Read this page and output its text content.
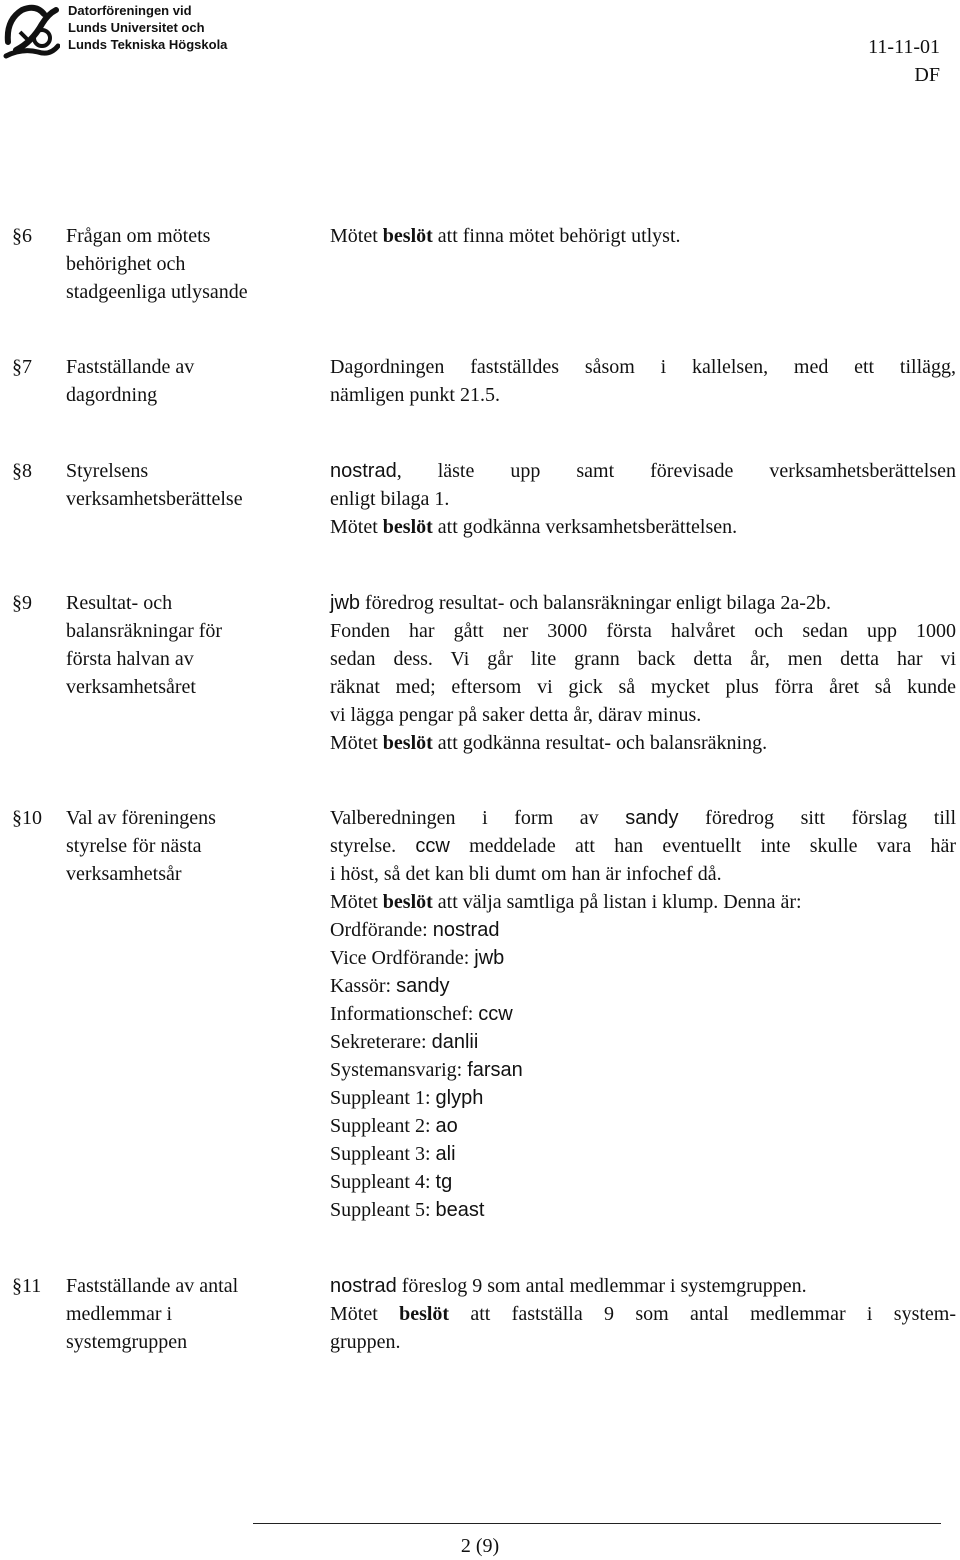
Datorföreningen vid
Lunds Universitet och
Lunds Tekniska Högskola	11-11-01
DF
§6 Frågan om mötets
behörighet och
stadgeenliga utlysande
Mötet beslöt att finna mötet behörigt utlyst.
§7 Fastställande av
dagordning
Dagordningen fastställdes såsom i kallelsen, med ett tillägg,
nämligen punkt 21.5.
§8 Styrelsens
verksamhetsberättelse
nostrad, läste upp samt förevisade verksamhetsberättelsen
enligt bilaga 1.
Mötet beslöt att godkänna verksamhetsberättelsen.
§9 Resultat- och
balansräkningar för
första halvan av
verksamhetsåret
jwb föredrog resultat- och balansräkningar enligt bilaga 2a-2b.
Fonden har gått ner 3000 första halvåret och sedan upp 1000
sedan dess. Vi går lite grann back detta år, men detta har vi
räknat med; eftersom vi gick så mycket plus förra året så kunde
vi lägga pengar på saker detta år, därav minus.
Mötet beslöt att godkänna resultat- och balansräkning.
§10 Val av föreningens
styrelse för nästa
verksamhetsår
Valberedningen i form av sandy föredrog sitt förslag till
styrelse. ccw meddelade att han eventuellt inte skulle vara här
i höst, så det kan bli dumt om han är infochef då.
Mötet beslöt att välja samtliga på listan i klump. Denna är:
Ordförande: nostrad
Vice Ordförande: jwb
Kassör: sandy
Informationschef: ccw
Sekreterare: danlii
Systemansvarig: farsan
Suppleant 1: glyph
Suppleant 2: ao
Suppleant 3: ali
Suppleant 4: tg
Suppleant 5: beast
§11 Fastställande av antal
medlemmar i
systemgruppen
nostrad föreslog 9 som antal medlemmar i systemgruppen.
Mötet beslöt att fastställa 9 som antal medlemmar i system-
gruppen.
2 (9)
